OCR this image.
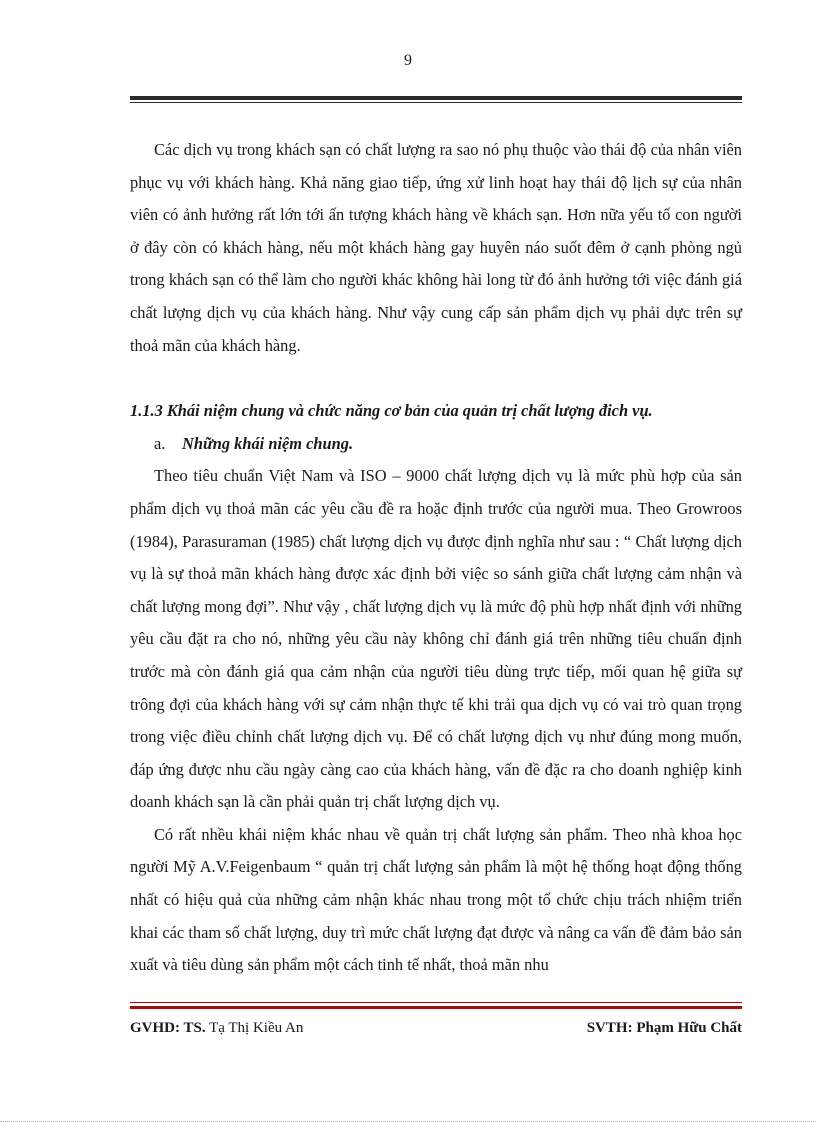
9

Các dịch vụ trong khách sạn có chất lượng ra sao nó phụ thuộc vào thái độ của nhân viên phục vụ với khách hàng. Khả năng giao tiếp, ứng xử linh hoạt hay thái độ lịch sự của nhân viên có ảnh hưởng rất lớn tới ấn tượng khách hàng về khách sạn. Hơn nữa yếu tố con người ở đây còn có khách hàng, nếu một khách hàng gay huyên náo suốt đêm ở cạnh phòng ngủ trong khách sạn có thể làm cho người khác không hài long từ đó ảnh hưởng tới việc đánh giá chất lượng dịch vụ của khách hàng. Như vậy cung cấp sản phẩm dịch vụ phải dực trên sự thoả mãn của khách hàng.

1.1.3 Khái niệm chung và chức năng cơ bản của quản trị chất lượng đich vụ.

a. Những khái niệm chung.

Theo tiêu chuẩn Việt Nam và ISO – 9000 chất lượng dịch vụ là mức phù hợp của sản phẩm dịch vụ thoả mãn các yêu cầu đề ra hoặc định trước của người mua. Theo Growroos (1984), Parasuraman (1985) chất lượng dịch vụ được định nghĩa như sau : “ Chất lượng dịch vụ là sự thoả mãn khách hàng được xác định bởi việc so sánh giữa chất lượng cảm nhận và chất lượng mong đợi”. Như vậy , chất lượng dịch vụ là mức độ phù hợp nhất định với những yêu cầu đặt ra cho nó, những yêu cầu này không chỉ đánh giá trên những tiêu chuẩn định trước mà còn đánh giá qua cảm nhận của người tiêu dùng trực tiếp, mối quan hệ giữa sự trông đợi của khách hàng với sự cảm nhận thực tế khi trải qua dịch vụ có vai trò quan trọng trong việc điều chỉnh chất lượng dịch vụ. Để có chất lượng dịch vụ như đúng mong muốn, đáp ứng được nhu cầu ngày càng cao của khách hàng, vấn đề đặc ra cho doanh nghiệp kinh doanh khách sạn là cần phải quản trị chất lượng dịch vụ.

Có rất nhều khái niệm khác nhau về quản trị chất lượng sản phẩm. Theo nhà khoa học người Mỹ A.V.Feigenbaum “ quản trị chất lượng sản phẩm là một hệ thống hoạt động thống nhất có hiệu quả của những cảm nhận khác nhau trong một tổ chức chịu trách nhiệm triển khai các tham số chất lượng, duy trì mức chất lượng đạt được và nâng ca vấn đề đảm bảo sản xuất và tiêu dùng sản phẩm một cách tinh tế nhất, thoả mãn nhu

GVHD: TS. Tạ Thị Kiều An	SVTH: Phạm Hữu Chất
